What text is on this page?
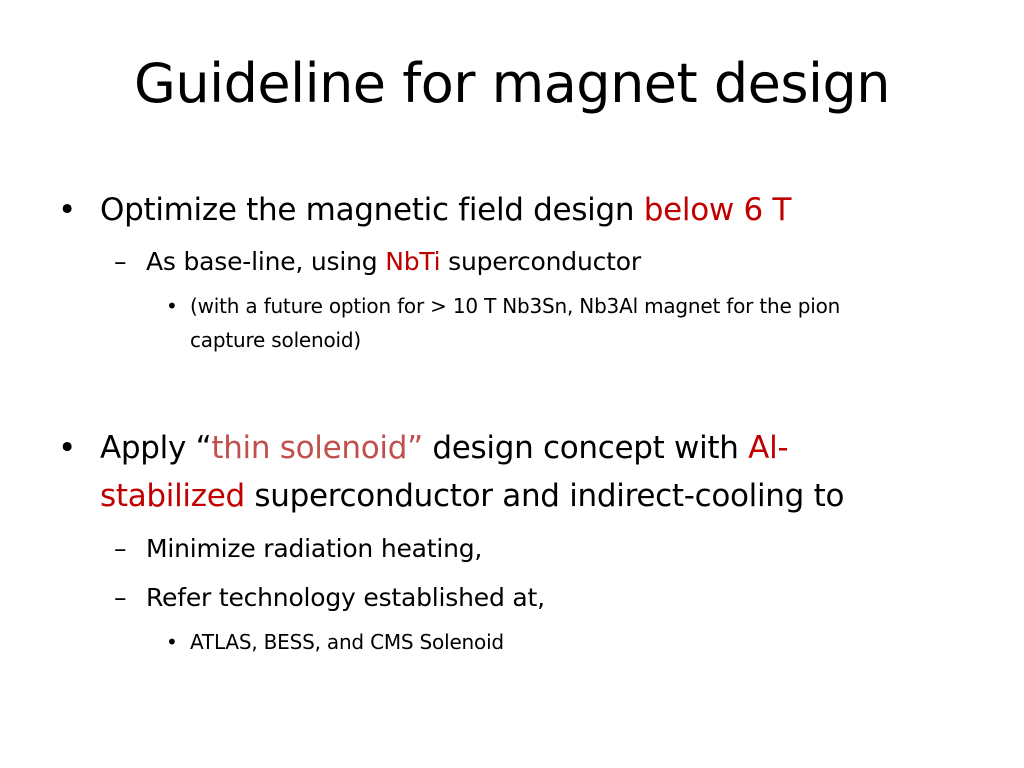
Guideline for magnet design
• Optimize the magnetic field design below 6 T
– As base-line, using NbTi superconductor
• (with a future option for > 10 T Nb3Sn, Nb3Al magnet for the pion
capture solenoid)
• Apply “thin solenoid” design concept with Al-
stabilized superconductor and indirect-cooling to
– Minimize radiation heating,
– Refer technology established at,
• ATLAS, BESS, and CMS Solenoid
